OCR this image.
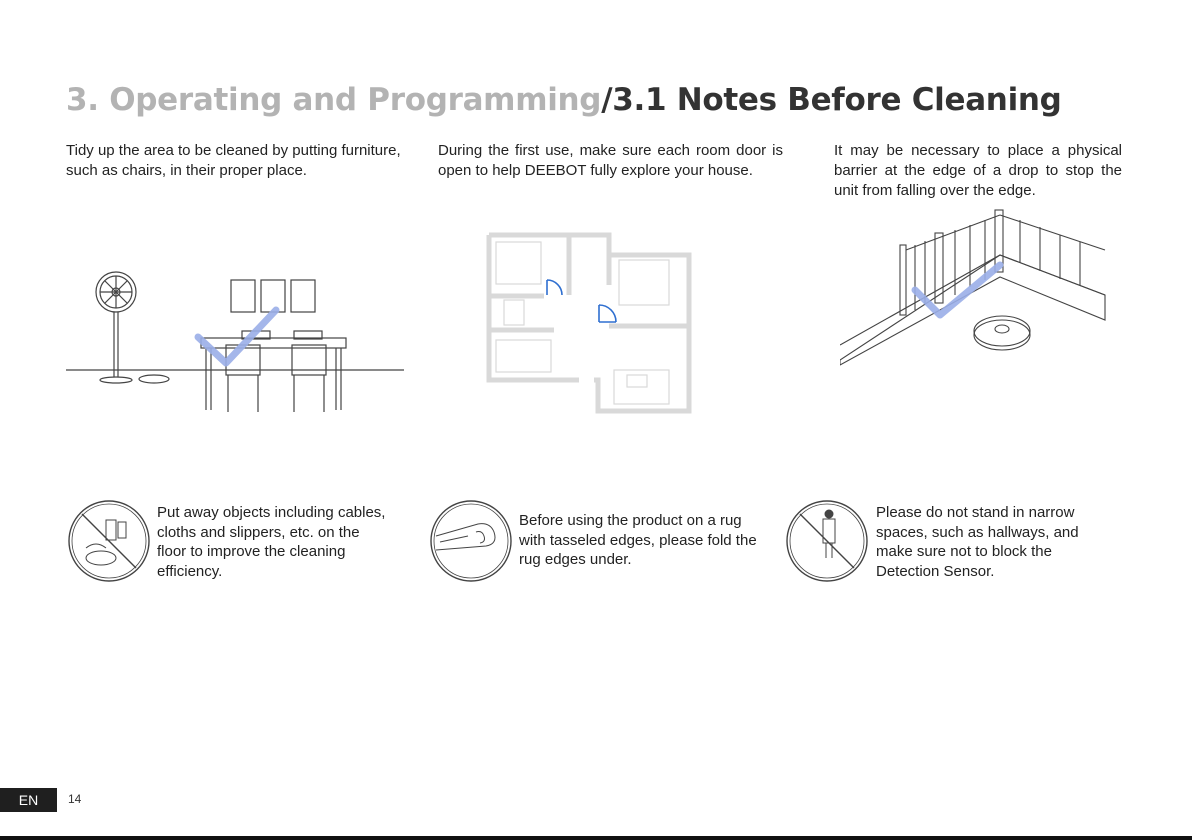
3. Operating and Programming/3.1 Notes Before Cleaning

Tidy up the area to be cleaned by putting furniture, such as chairs, in their proper place.

During the first use, make sure each room door is open to help DEEBOT fully explore your house.

It may be necessary to place a physical barrier at the edge of a drop to stop the unit from falling over the edge.

Put away objects including cables, cloths and slippers, etc. on the floor to improve the cleaning efficiency.

Before using the product on a rug with tasseled edges, please fold the rug edges under.

Please do not stand in narrow spaces, such as hallways, and make sure not to block the Detection Sensor.

EN	14
